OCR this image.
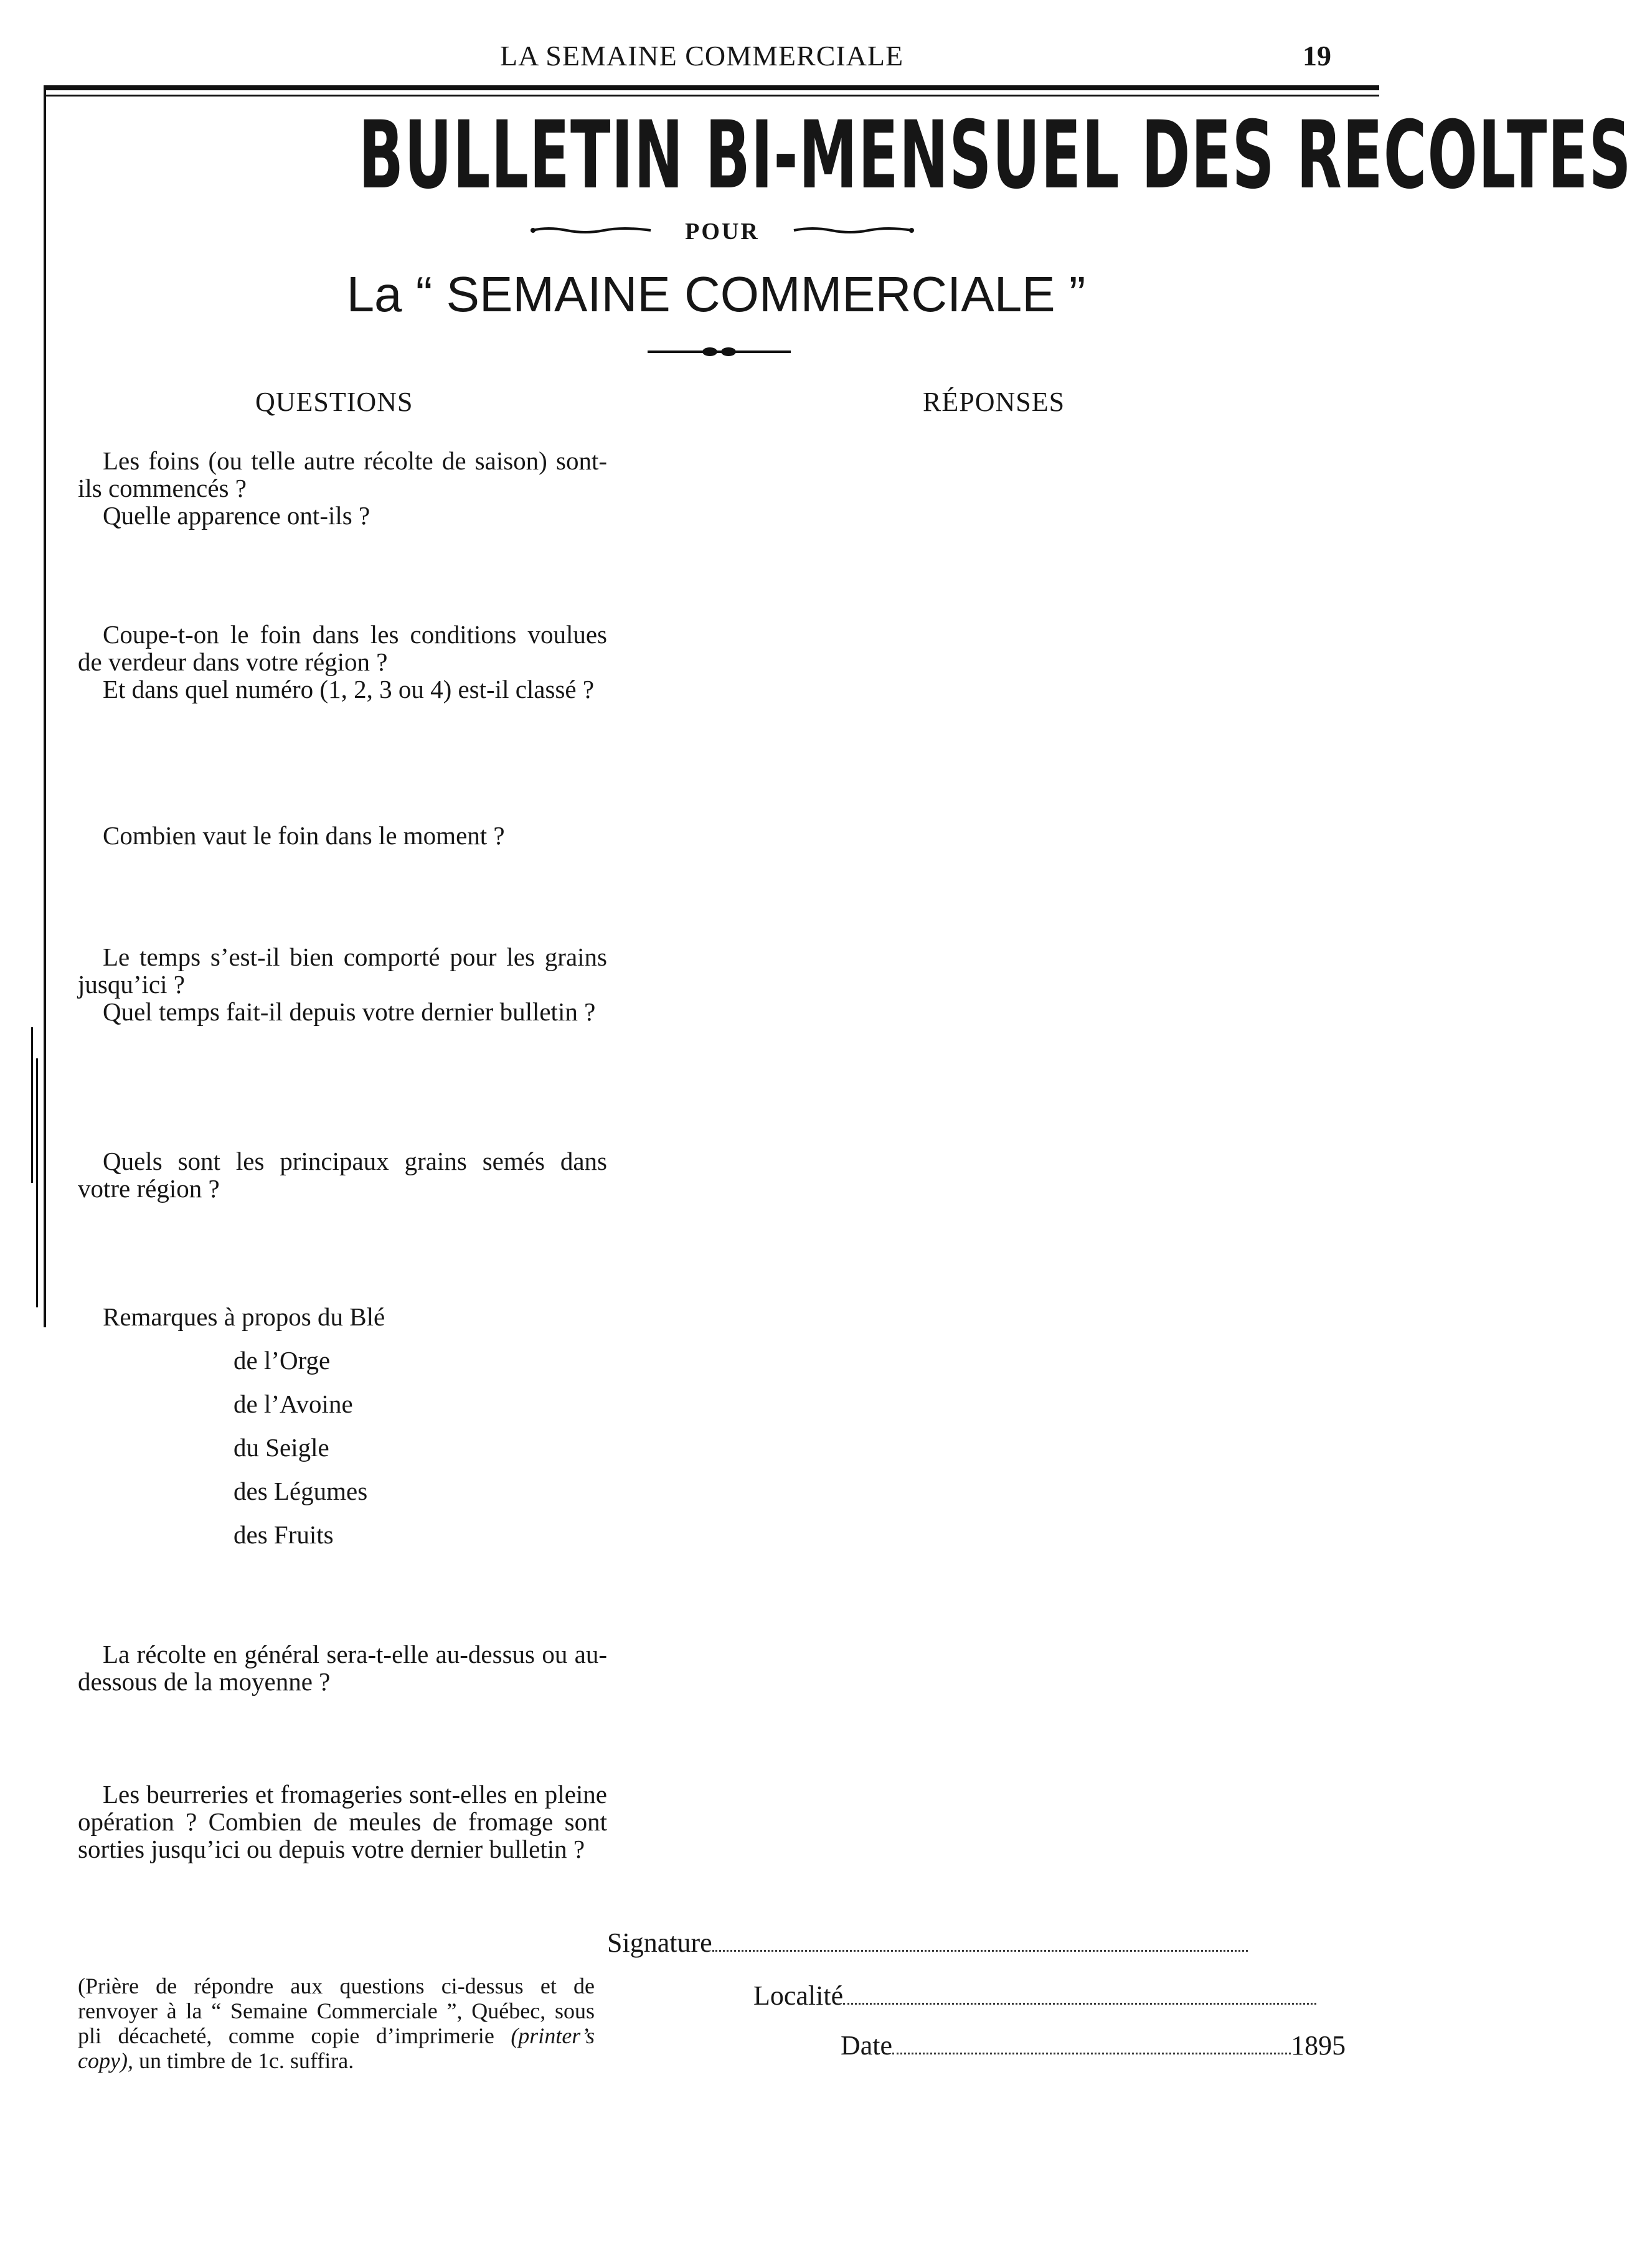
LA SEMAINE COMMERCIALE	19
BULLETIN BI-MENSUEL DES RECOLTES
POUR
La “ SEMAINE COMMERCIALE ”
QUESTIONS	RÉPONSES

Les foins (ou telle autre récolte de saison) sont-ils commencés ?

Quelle apparence ont-ils ?

Coupe-t-on le foin dans les conditions voulues de verdeur dans votre région ?

Et dans quel numéro (1, 2, 3 ou 4) est-il classé ?

Combien vaut le foin dans le moment ?

Le temps s’est-il bien comporté pour les grains jusqu’ici ?

Quel temps fait-il depuis votre dernier bulletin ?

Quels sont les principaux grains semés dans votre région ?

Remarques à propos du Blé
de l’Orge
de l’Avoine
du Seigle
des Légumes
des Fruits

La récolte en général sera-t-elle au-dessus ou au-dessous de la moyenne ?

Les beurreries et fromageries sont-elles en pleine opération ? Combien de meules de fromage sont sorties jusqu’ici ou depuis votre dernier bulletin ?

Signature
Localité
Date	1895

(Prière de répondre aux questions ci-dessus et de renvoyer à la “ Semaine Commerciale ”, Québec, sous pli décacheté, comme copie d’imprimerie (printer’s copy), un timbre de 1c. suffira.
